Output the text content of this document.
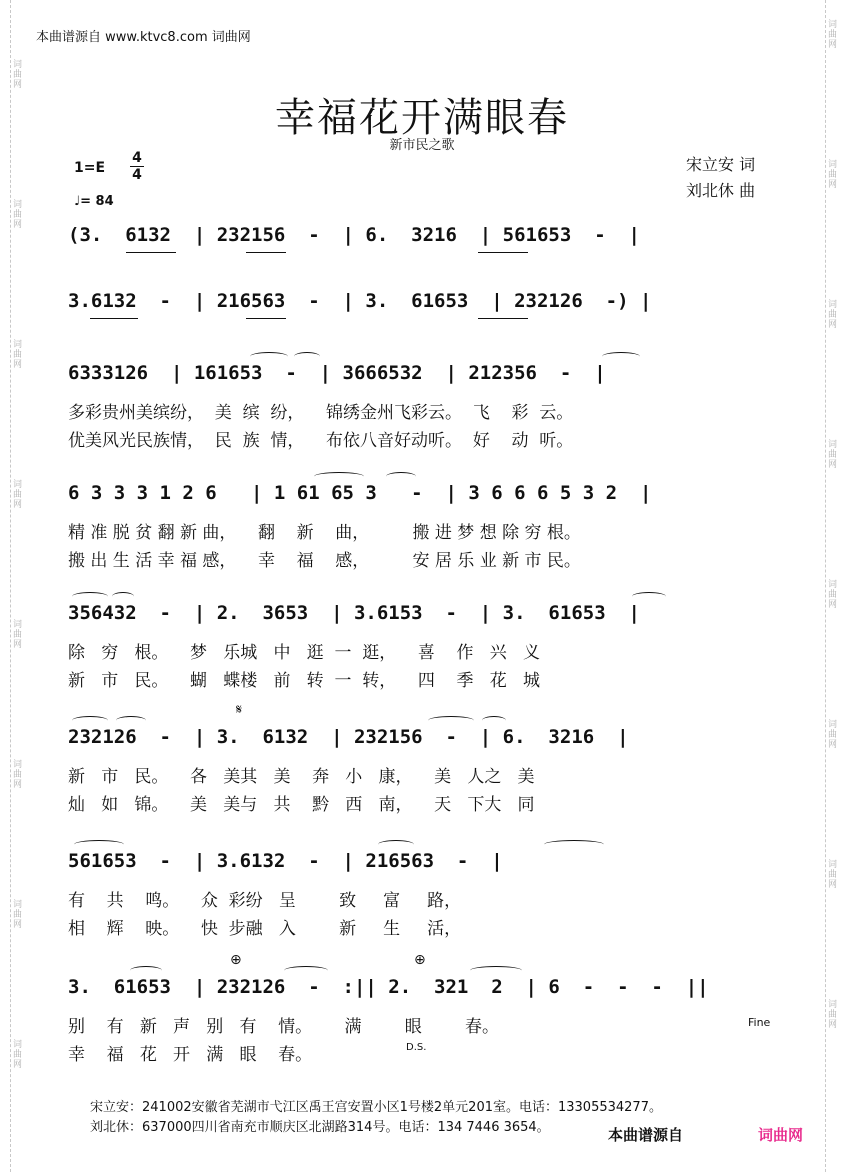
词曲网
词曲网
词曲网
词曲网
词曲网
词曲网
词曲网
词曲网
词曲网
词曲网
词曲网
词曲网
词曲网
词曲网
词曲网
词曲网
本曲谱源自 www.ktvc8.com 词曲网
幸福花开满眼春
新市民之歌
1=E
4
4
♩= 84
宋立安 词
刘北休 曲
(3.  6132  | 232156  -  | 6.  3216  | 561653  -  |
3.6132  -  | 216563  -  | 3.  61653  | 232126  -) |
6333126  | 161653  -  | 3666532  | 212356  -  |
多彩贵州美缤纷，  美  缤  纷，    锦绣金州飞彩云。  飞    彩  云。
优美风光民族情，  民  族  情，    布依八音好动听。  好    动  听。
6 3 3 3 1 2 6   | 1 61 65 3   -  | 3 6 6 6 5 3 2  |
精 准 脱 贫 翻 新 曲，    翻    新    曲，        搬 进 梦 想 除 穷 根。
搬 出 生 活 幸 福 感，    幸    福    感，        安 居 乐 业 新 市 民。
356432  -  | 2.  3653  | 3.6153  -  | 3.  61653  |
除   穷   根。    梦   乐城   中   逛  一  逛，    喜    作   兴   义
新   市   民。    蝴   蝶楼   前   转  一  转，    四    季   花   城
232126  -  | 3.  6132  | 232156  -  | 6.  3216  |
𝄋
新   市   民。    各   美其   美    奔   小   康，    美   人之   美
灿   如   锦。    美   美与   共    黔   西   南，    天   下大   同
561653  -  | 3.6132  -  | 216563  -  |
有    共    鸣。    众  彩纷   呈        致     富     路，
相    辉    映。    快  步融   入        新     生     活，
3.  61653  | 232126  -  :|| 2.  321  2  | 6  -  -  -  ||
⊕	⊕
别    有   新   声   别   有    情。      满        眼        春。
幸    福   花   开   满   眼    春。
Fine
D.S.
宋立安：241002安徽省芜湖市弋江区禹王宫安置小区1号楼2单元201室。电话：13305534277。
刘北休：637000四川省南充市顺庆区北湖路314号。电话：134 7446 3654。	本曲谱源自	词曲网
